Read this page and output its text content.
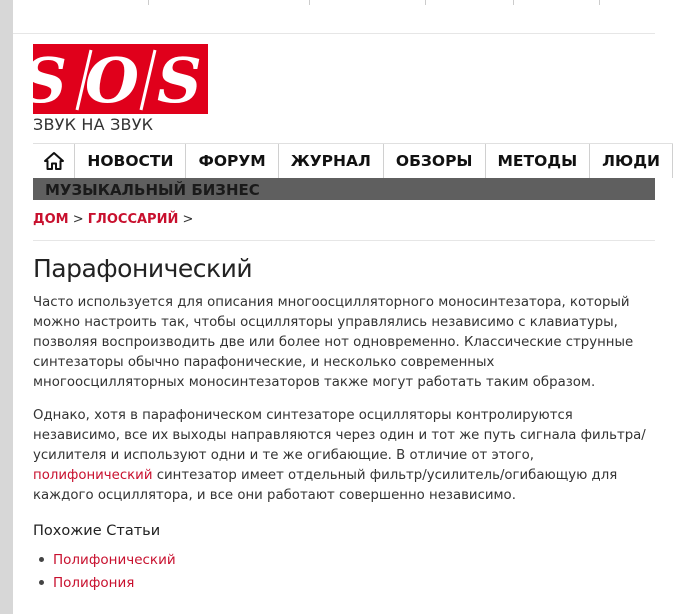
SOS
ЗВУК НА ЗВУК
НОВОСТИ	ФОРУМ	ЖУРНАЛ	ОБЗОРЫ	МЕТОДЫ	ЛЮДИ
МУЗЫКАЛЬНЫЙ БИЗНЕС
ДОМ > ГЛОССАРИЙ >
Парафонический

Часто используется для описания многоосцилляторного моносинтезатора, который можно настроить так, чтобы осцилляторы управлялись независимо с клавиатуры, позволяя воспроизводить две или более нот одновременно. Классические струнные синтезаторы обычно парафонические, и несколько современных многоосцилляторных моносинтезаторов также могут работать таким образом.

Однако, хотя в парафоническом синтезаторе осцилляторы контролируются независимо, все их выходы направляются через один и тот же путь сигнала фильтра/усилителя и используют одни и те же огибающие. В отличие от этого, полифонический синтезатор имеет отдельный фильтр/усилитель/огибающую для каждого осциллятора, и все они работают совершенно независимо.

Похожие Статьи
Полифонический
Полифония
